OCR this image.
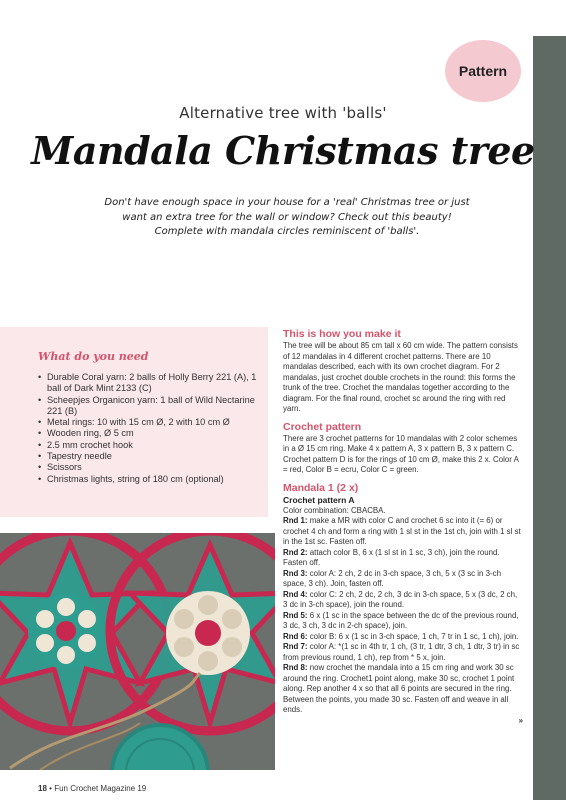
Pattern
Alternative tree with 'balls'
Mandala Christmas tree

Don't have enough space in your house for a 'real' Christmas tree or just want an extra tree for the wall or window? Check out this beauty! Complete with mandala circles reminiscent of 'balls'.

What do you need
• Durable Coral yarn: 2 balls of Holly Berry 221 (A), 1 ball of Dark Mint 2133 (C)
• Scheepjes Organicon yarn: 1 ball of Wild Nectarine 221 (B)
• Metal rings: 10 with 15 cm Ø, 2 with 10 cm Ø
• Wooden ring, Ø 5 cm
• 2.5 mm crochet hook
• Tapestry needle
• Scissors
• Christmas lights, string of 180 cm (optional)
This is how you make it

The tree will be about 85 cm tall x 60 cm wide. The pattern consists of 12 mandalas in 4 different crochet patterns. There are 10 mandalas described, each with its own crochet diagram. For 2 mandalas, just crochet double crochets in the round: this forms the trunk of the tree. Crochet the mandalas together according to the diagram. For the final round, crochet sc around the ring with red yarn.

Crochet pattern

There are 3 crochet patterns for 10 mandalas with 2 color schemes in a Ø 15 cm ring. Make 4 x pattern A, 3 x pattern B, 3 x pattern C. Crochet pattern D is for the rings of 10 cm Ø, make this 2 x. Color A = red, Color B = ecru, Color C = green.

Mandala 1 (2 x)
Crochet pattern A

Color combination: CBACBA.

Rnd 1: make a MR with color C and crochet 6 sc into it (= 6) or crochet 4 ch and form a ring with 1 sl st in the 1st ch, join with 1 sl st in the 1st sc. Fasten off.

Rnd 2: attach color B, 6 x (1 sl st in 1 sc, 3 ch), join the round. Fasten off.

Rnd 3: color A: 2 ch, 2 dc in 3-ch space, 3 ch, 5 x (3 sc in 3-ch space, 3 ch). Join, fasten off.

Rnd 4: color C: 2 ch, 2 dc, 2 ch, 3 dc in 3-ch space, 5 x (3 dc, 2 ch, 3 dc in 3-ch space), join the round.

Rnd 5: 6 x (1 sc in the space between the dc of the previous round, 3 dc, 3 ch, 3 dc in 2-ch space), join.

Rnd 6: color B: 6 x (1 sc in 3-ch space, 1 ch, 7 tr in 1 sc, 1 ch), join.

Rnd 7: color A: *(1 sc in 4th tr, 1 ch, (3 tr, 1 dtr, 3 ch, 1 dtr, 3 tr) in sc from previous round, 1 ch), rep from * 5 x, join.

Rnd 8: now crochet the mandala into a 15 cm ring and work 30 sc around the ring. Crochet1 point along, make 30 sc, crochet 1 point along. Rep another 4 x so that all 6 points are secured in the ring. Between the points, you made 30 sc. Fasten off and weave in all ends.

»
18 • Fun Crochet Magazine 19	PassionForum.ru
